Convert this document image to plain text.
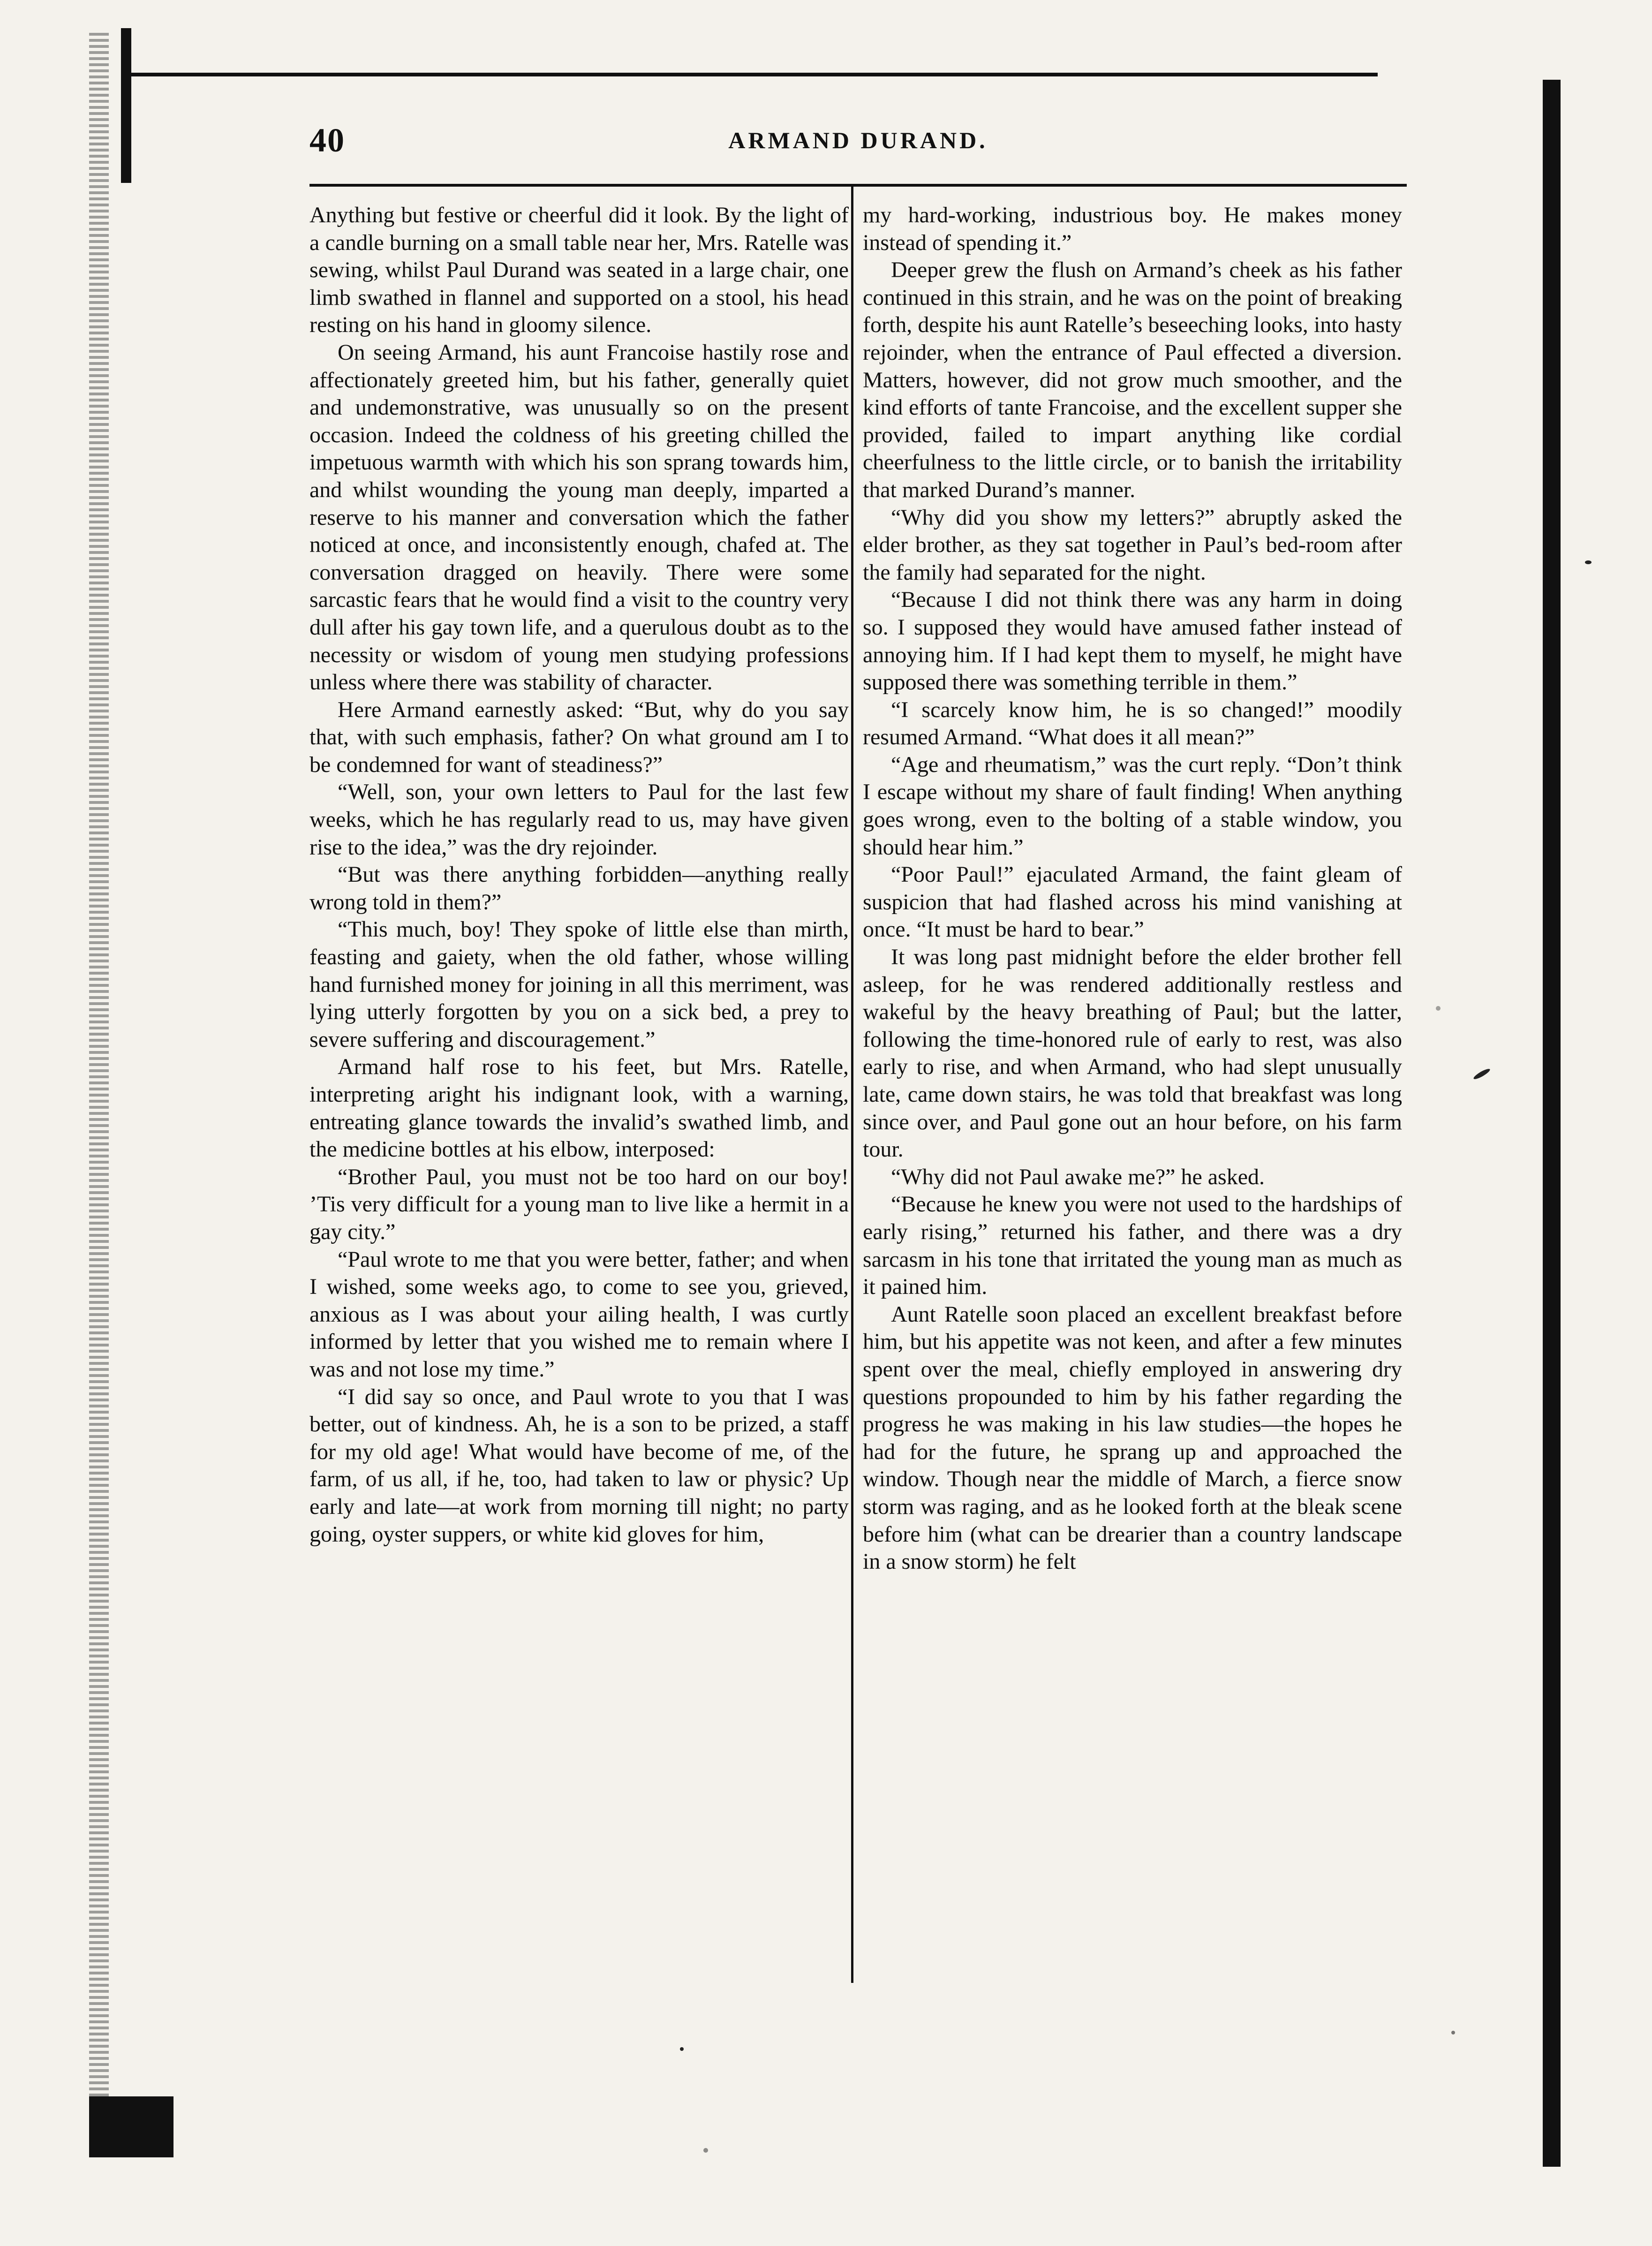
40	ARMAND DURAND.

Anything but festive or cheerful did it look. By the light of a candle burning on a small table near her, Mrs. Ratelle was sewing, whilst Paul Durand was seated in a large chair, one limb swathed in flannel and supported on a stool, his head resting on his hand in gloomy silence.

On seeing Armand, his aunt Francoise hastily rose and affectionately greeted him, but his father, generally quiet and undemonstrative, was unusually so on the present occasion. Indeed the coldness of his greeting chilled the impetuous warmth with which his son sprang towards him, and whilst wounding the young man deeply, imparted a reserve to his manner and conversation which the father noticed at once, and inconsistently enough, chafed at. The conversation dragged on heavily. There were some sarcastic fears that he would find a visit to the country very dull after his gay town life, and a querulous doubt as to the necessity or wisdom of young men studying professions unless where there was stability of character.

Here Armand earnestly asked: “But, why do you say that, with such emphasis, father? On what ground am I to be condemned for want of steadiness?”

“Well, son, your own letters to Paul for the last few weeks, which he has regularly read to us, may have given rise to the idea,” was the dry rejoinder.

“But was there anything forbidden—anything really wrong told in them?”

“This much, boy! They spoke of little else than mirth, feasting and gaiety, when the old father, whose willing hand furnished money for joining in all this merriment, was lying utterly forgotten by you on a sick bed, a prey to severe suffering and discouragement.”

Armand half rose to his feet, but Mrs. Ratelle, interpreting aright his indignant look, with a warning, entreating glance towards the invalid’s swathed limb, and the medicine bottles at his elbow, interposed:

“Brother Paul, you must not be too hard on our boy! ’Tis very difficult for a young man to live like a hermit in a gay city.”

“Paul wrote to me that you were better, father; and when I wished, some weeks ago, to come to see you, grieved, anxious as I was about your ailing health, I was curtly informed by letter that you wished me to remain where I was and not lose my time.”

“I did say so once, and Paul wrote to you that I was better, out of kindness. Ah, he is a son to be prized, a staff for my old age! What would have become of me, of the farm, of us all, if he, too, had taken to law or physic? Up early and late—at work from morning till night; no party going, oyster suppers, or white kid gloves for him,

my hard-working, industrious boy. He makes money instead of spending it.”

Deeper grew the flush on Armand’s cheek as his father continued in this strain, and he was on the point of breaking forth, despite his aunt Ratelle’s beseeching looks, into hasty rejoinder, when the entrance of Paul effected a diversion. Matters, however, did not grow much smoother, and the kind efforts of tante Francoise, and the excellent supper she provided, failed to impart anything like cordial cheerfulness to the little circle, or to banish the irritability that marked Durand’s manner.

“Why did you show my letters?” abruptly asked the elder brother, as they sat together in Paul’s bed-room after the family had separated for the night.

“Because I did not think there was any harm in doing so. I supposed they would have amused father instead of annoying him. If I had kept them to myself, he might have supposed there was something terrible in them.”

“I scarcely know him, he is so changed!” moodily resumed Armand. “What does it all mean?”

“Age and rheumatism,” was the curt reply. “Don’t think I escape without my share of fault finding! When anything goes wrong, even to the bolting of a stable window, you should hear him.”

“Poor Paul!” ejaculated Armand, the faint gleam of suspicion that had flashed across his mind vanishing at once. “It must be hard to bear.”

It was long past midnight before the elder brother fell asleep, for he was rendered additionally restless and wakeful by the heavy breathing of Paul; but the latter, following the time-honored rule of early to rest, was also early to rise, and when Armand, who had slept unusually late, came down stairs, he was told that breakfast was long since over, and Paul gone out an hour before, on his farm tour.

“Why did not Paul awake me?” he asked.

“Because he knew you were not used to the hardships of early rising,” returned his father, and there was a dry sarcasm in his tone that irritated the young man as much as it pained him.

Aunt Ratelle soon placed an excellent breakfast before him, but his appetite was not keen, and after a few minutes spent over the meal, chiefly employed in answering dry questions propounded to him by his father regarding the progress he was making in his law studies—the hopes he had for the future, he sprang up and approached the window. Though near the middle of March, a fierce snow storm was raging, and as he looked forth at the bleak scene before him (what can be drearier than a country landscape in a snow storm) he felt
